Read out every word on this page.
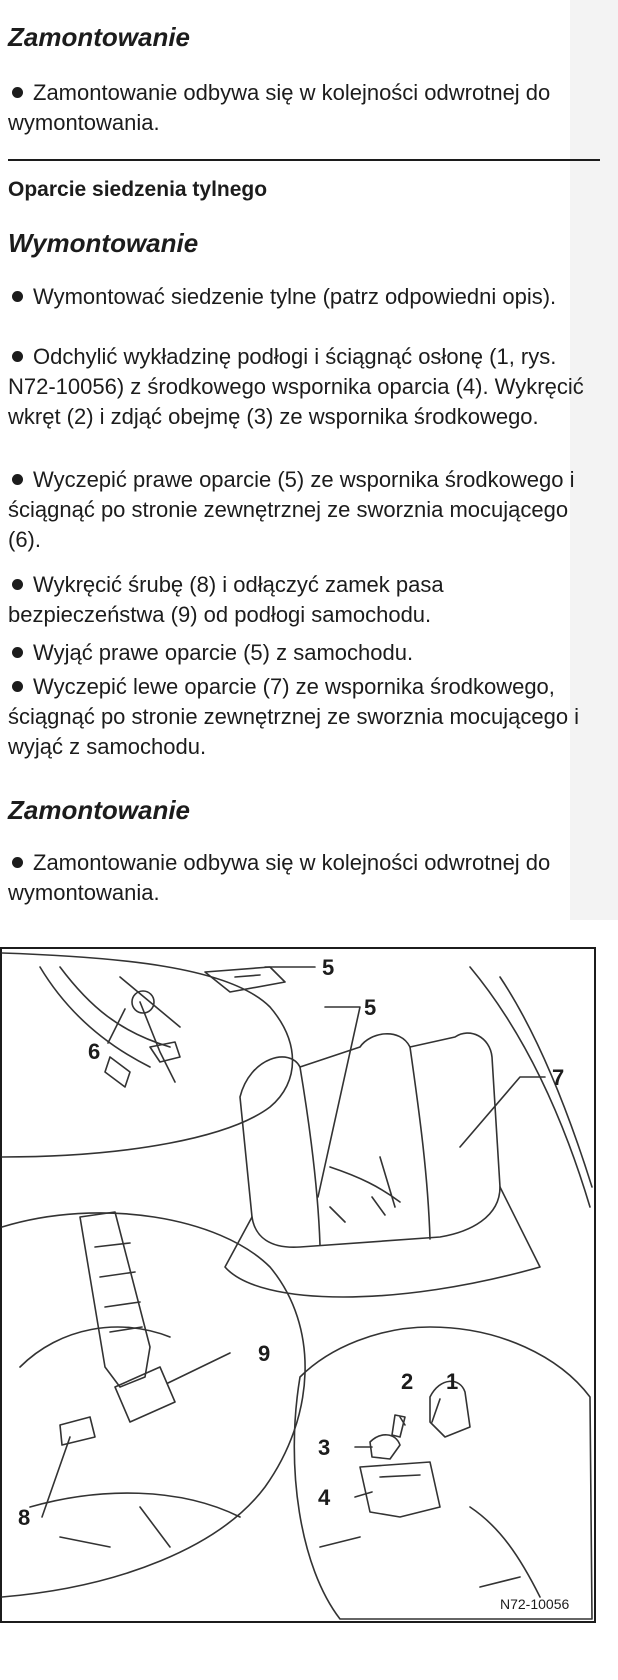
Zamontowanie
Zamontowanie odbywa się w kolejności odwrotnej do wymontowania.
Oparcie siedzenia tylnego
Wymontowanie
Wymontować siedzenie tylne (patrz odpowiedni opis).
Odchylić wykładzinę podłogi i ściągnąć osłonę (1, rys. N72-10056) z środkowego wspornika oparcia (4). Wykręcić wkręt (2) i zdjąć obejmę (3) ze wspornika środkowego.
Wyczepić prawe oparcie (5) ze wspornika środkowego i ściągnąć po stronie zewnętrznej ze sworznia mocującego (6).
Wykręcić śrubę (8) i odłączyć zamek pasa bezpieczeństwa (9) od podłogi samochodu.
Wyjąć prawe oparcie (5) z samochodu.
Wyczepić lewe oparcie (7) ze wspornika środkowego, ściągnąć po stronie zewnętrznej ze sworznia mocującego i wyjąć z samochodu.
Zamontowanie
Zamontowanie odbywa się w kolejności odwrotnej do wymontowania.
5
5
6
7
9
8
1
2
3
4
N72-10056
